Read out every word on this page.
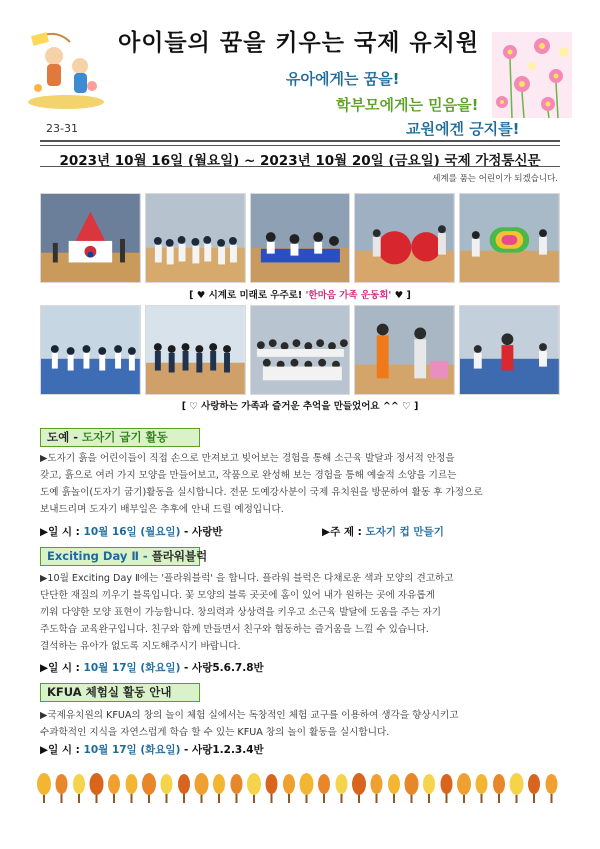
아이들의 꿈을 키우는 국제 유치원
유아에게는 꿈을!
학부모에게는 믿음을!
교원에겐 긍지를!
23-31
2023년 10월 16일 (월요일) ~ 2023년 10월 20일 (금요일) 국제 가정통신문
세계를 품는 어린이가 되겠습니다.
[ ♥ 시계로 미래로 우주로! '한마음 가족 운동회' ♥ ]
[ ♡ 사랑하는 가족과 즐거운 추억을 만들었어요 ^^ ♡ ]
도예 - 도자기 굽기 활동
▶도자기 흙을 어린이들이 직접 손으로 만져보고 빚어보는 경험을 통해 소근육 발달과 정서적 안정을
갖고, 흙으로 여러 가지 모양을 만들어보고, 작품으로 완성해 보는 경험을 통해 예술적 소양을 기르는
도예 흙놀이(도자기 굽기)활동을 실시합니다. 전문 도예강사분이 국제 유치원을 방문하여 활동 후 가정으로
보내드리며 도자기 배부일은 추후에 안내 드릴 예정입니다.
▶일 시 : 10월 16일 (월요일) - 사랑반	▶주 제 : 도자기 컵 만들기
Exciting Day Ⅱ - 플라워블럭
▶10월 Exciting Day Ⅱ에는 '플라워블럭' 을 합니다. 플라워 블럭은 다채로운 색과 모양의 견고하고
단단한 재질의 끼우기 블록입니다. 꽃 모양의 블록 곳곳에 홈이 있어 내가 원하는 곳에 자유롭게
끼워 다양한 모양 표현이 가능합니다. 창의력과 상상력을 키우고 소근육 발달에 도움을 주는 자기
주도학습 교육완구입니다. 친구와 함께 만들면서 친구와 협동하는 즐거움을 느낄 수 있습니다.
결석하는 유아가 없도록 지도해주시기 바랍니다.
▶일 시 : 10월 17일 (화요일) - 사랑5.6.7.8반
KFUA 체험실 활동 안내
▶국제유치원의 KFUA의 창의 놀이 체험 실에서는 독창적인 체험 교구를 이용하여 생각을 향상시키고
수과학적인 지식을 자연스럽게 학습 할 수 있는 KFUA 창의 놀이 활동을 실시합니다.
▶일 시 : 10월 17일 (화요일) - 사랑1.2.3.4반
